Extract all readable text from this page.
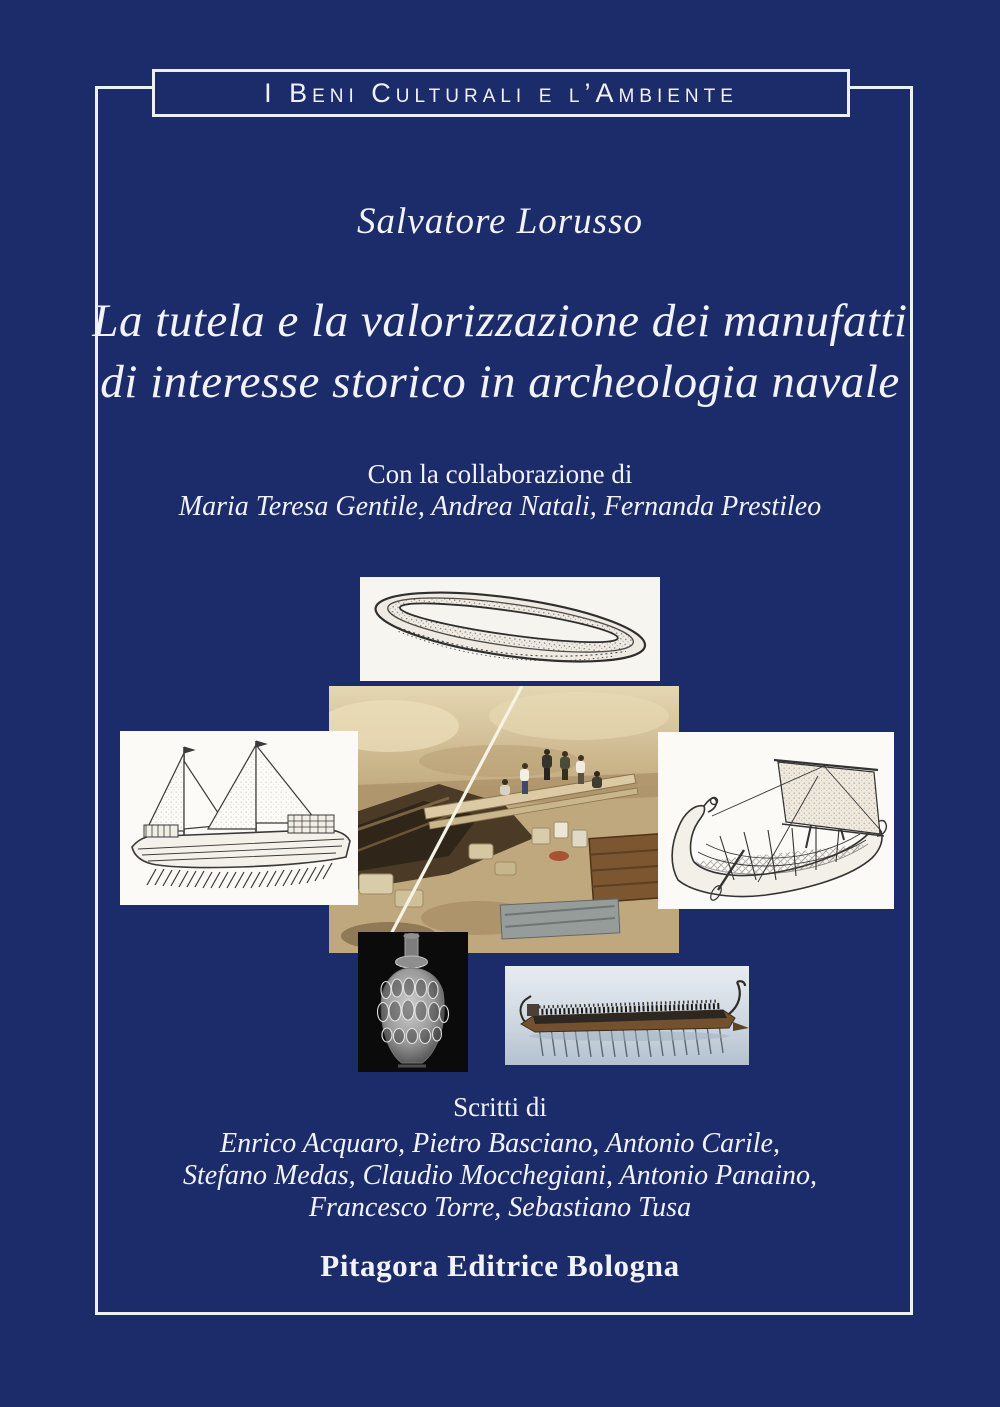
I Beni Culturali e l’Ambiente
Salvatore Lorusso
La tutela e la valorizzazione dei manufatti
di interesse storico in archeologia navale
Con la collaborazione di
Maria Teresa Gentile, Andrea Natali, Fernanda Prestileo
Scritti di
Enrico Acquaro, Pietro Basciano, Antonio Carile,
Stefano Medas, Claudio Mocchegiani, Antonio Panaino,
Francesco Torre, Sebastiano Tusa
Pitagora Editrice Bologna
